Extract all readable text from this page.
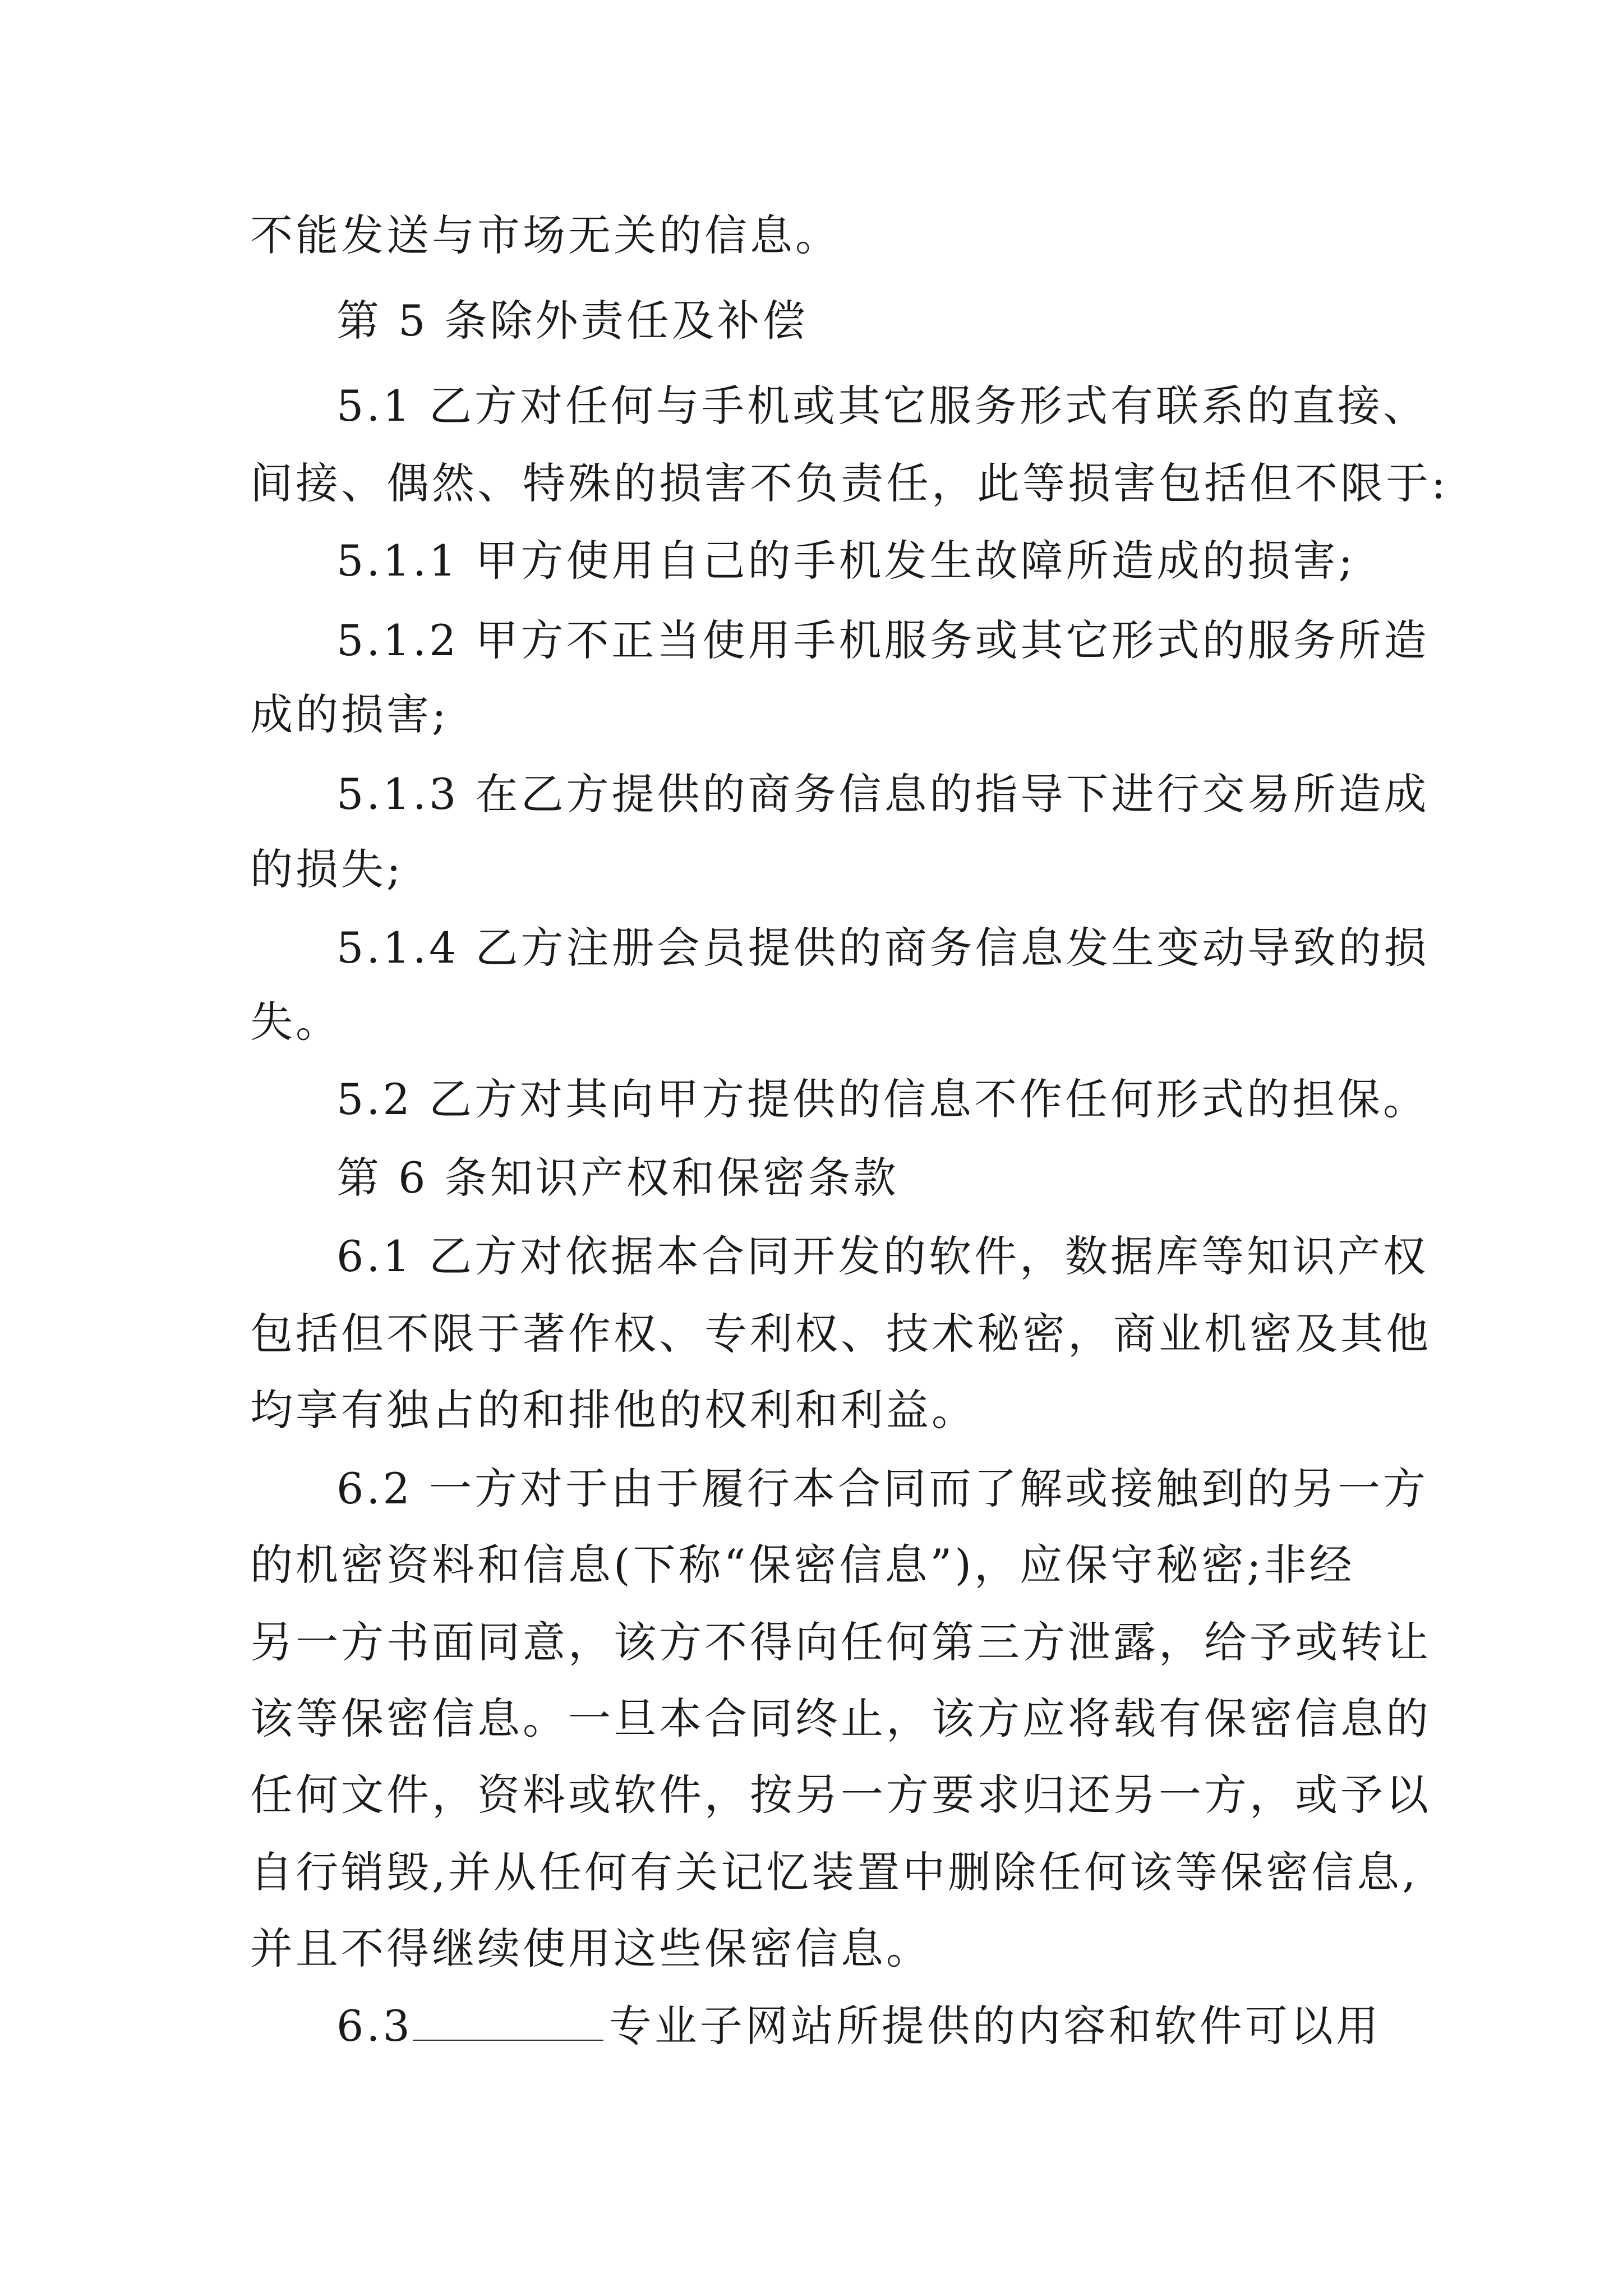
不能发送与市场无关的信息。

第 5 条除外责任及补偿

5.1 乙方对任何与手机或其它服务形式有联系的直接、

间接、偶然、特殊的损害不负责任，此等损害包括但不限于:

5.1.1 甲方使用自己的手机发生故障所造成的损害;

5.1.2 甲方不正当使用手机服务或其它形式的服务所造

成的损害;

5.1.3 在乙方提供的商务信息的指导下进行交易所造成

的损失;

5.1.4 乙方注册会员提供的商务信息发生变动导致的损

失。

5.2 乙方对其向甲方提供的信息不作任何形式的担保。

第 6 条知识产权和保密条款

6.1 乙方对依据本合同开发的软件，数据库等知识产权

包括但不限于著作权、专利权、技术秘密，商业机密及其他

均享有独占的和排他的权利和利益。

6.2 一方对于由于履行本合同而了解或接触到的另一方

的机密资料和信息(下称“保密信息”)，应保守秘密;非经

另一方书面同意，该方不得向任何第三方泄露，给予或转让

该等保密信息。一旦本合同终止，该方应将载有保密信息的

任何文件，资料或软件，按另一方要求归还另一方，或予以

自行销毁,并从任何有关记忆装置中删除任何该等保密信息,

并且不得继续使用这些保密信息。

6.3	专业子网站所提供的内容和软件可以用
